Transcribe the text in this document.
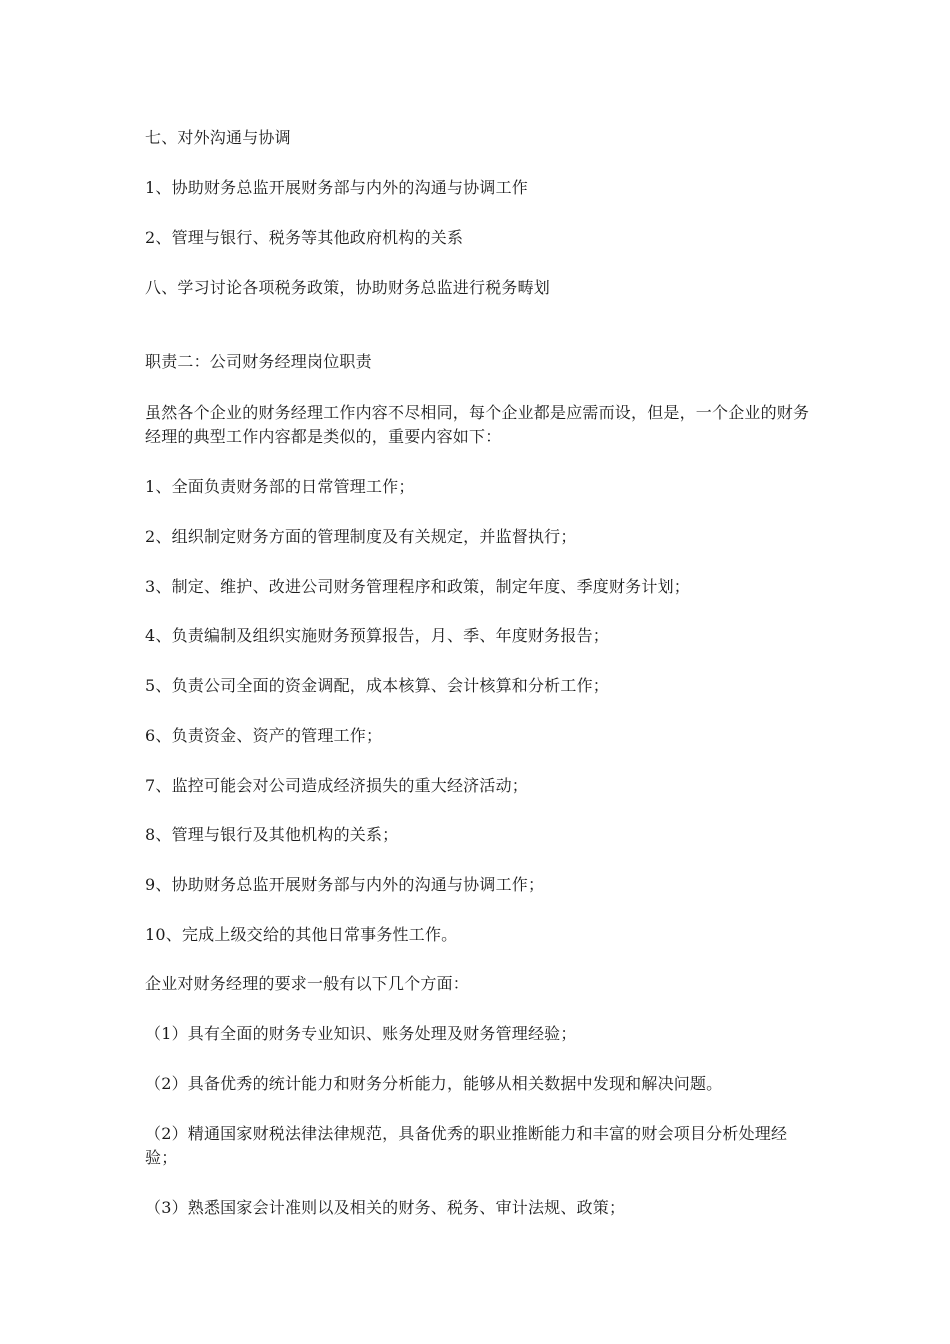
七、对外沟通与协调
1、协助财务总监开展财务部与内外的沟通与协调工作
2、管理与银行、税务等其他政府机构的关系
八、学习讨论各项税务政策，协助财务总监进行税务畴划
职责二：公司财务经理岗位职责
虽然各个企业的财务经理工作内容不尽相同，每个企业都是应需而设，但是，一个企业的财务经理的典型工作内容都是类似的，重要内容如下：
1、全面负责财务部的日常管理工作；
2、组织制定财务方面的管理制度及有关规定，并监督执行；
3、制定、维护、改进公司财务管理程序和政策，制定年度、季度财务计划；
4、负责编制及组织实施财务预算报告，月、季、年度财务报告；
5、负责公司全面的资金调配，成本核算、会计核算和分析工作；
6、负责资金、资产的管理工作；
7、监控可能会对公司造成经济损失的重大经济活动；
8、管理与银行及其他机构的关系；
9、协助财务总监开展财务部与内外的沟通与协调工作；
10、完成上级交给的其他日常事务性工作。
企业对财务经理的要求一般有以下几个方面：
（1）具有全面的财务专业知识、账务处理及财务管理经验；
（2）具备优秀的统计能力和财务分析能力，能够从相关数据中发现和解决问题。
（2）精通国家财税法律法律规范，具备优秀的职业推断能力和丰富的财会项目分析处理经验；
（3）熟悉国家会计准则以及相关的财务、税务、审计法规、政策；
